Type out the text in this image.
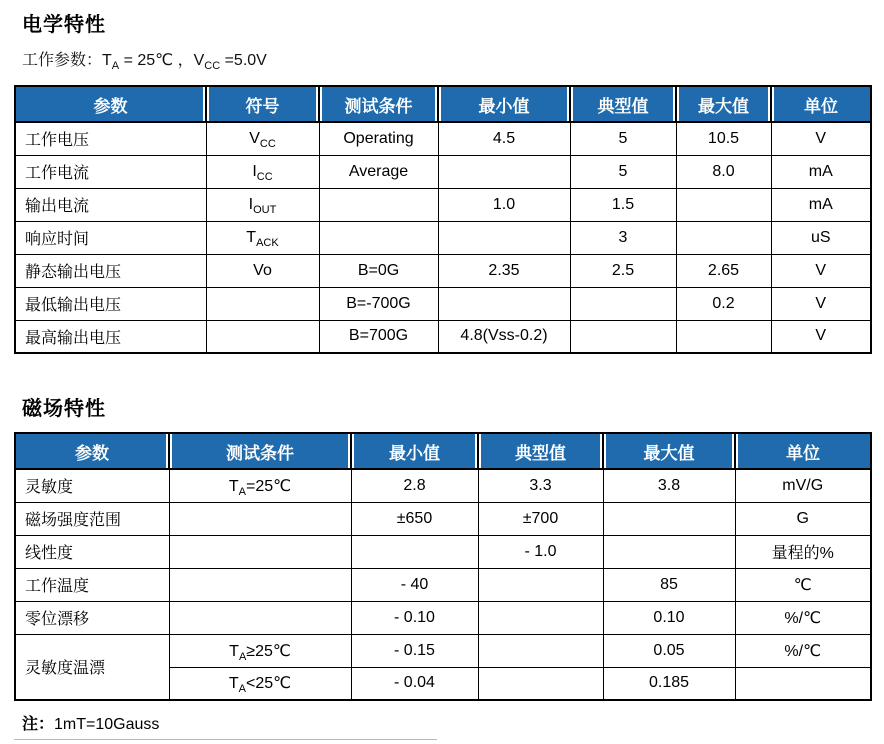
电学特性

工作参数：$T_A$ = 25℃ ，$V_{CC} =5.0V$

参数	符号	测试条件	最小值	典型值	最大值	单位
工作电压	$V_{CC}$	Operating	4.5	5	10.5	V
工作电流	$I_{CC}$	Average		5	8.0	mA
输出电流	$I_{OUT}$		1.0	1.5		mA
响应时间	$T_{ACK}$			3		uS
静态输出电压	Vo	B=0G	2.35	2.5	2.65	V
最低输出电压		B=-700G			0.2	V
最高输出电压		B=700G	4.8(Vss-0.2)			V
磁场特性
参数	测试条件	最小值	典型值	最大值	单位
灵敏度	$T_A=25℃$	2.8	3.3	3.8	mV/G
磁场强度范围		±650	±700		G
线性度			- 1.0		量程的%
工作温度		- 40		85	℃
零位漂移		- 0.10		0.10	%/℃
灵敏度温漂	$T_A\ge 25℃$	- 0.15		0.05	%/℃
	$T_A<25℃$	- 0.04		0.185	

注：1mT=10Gauss
